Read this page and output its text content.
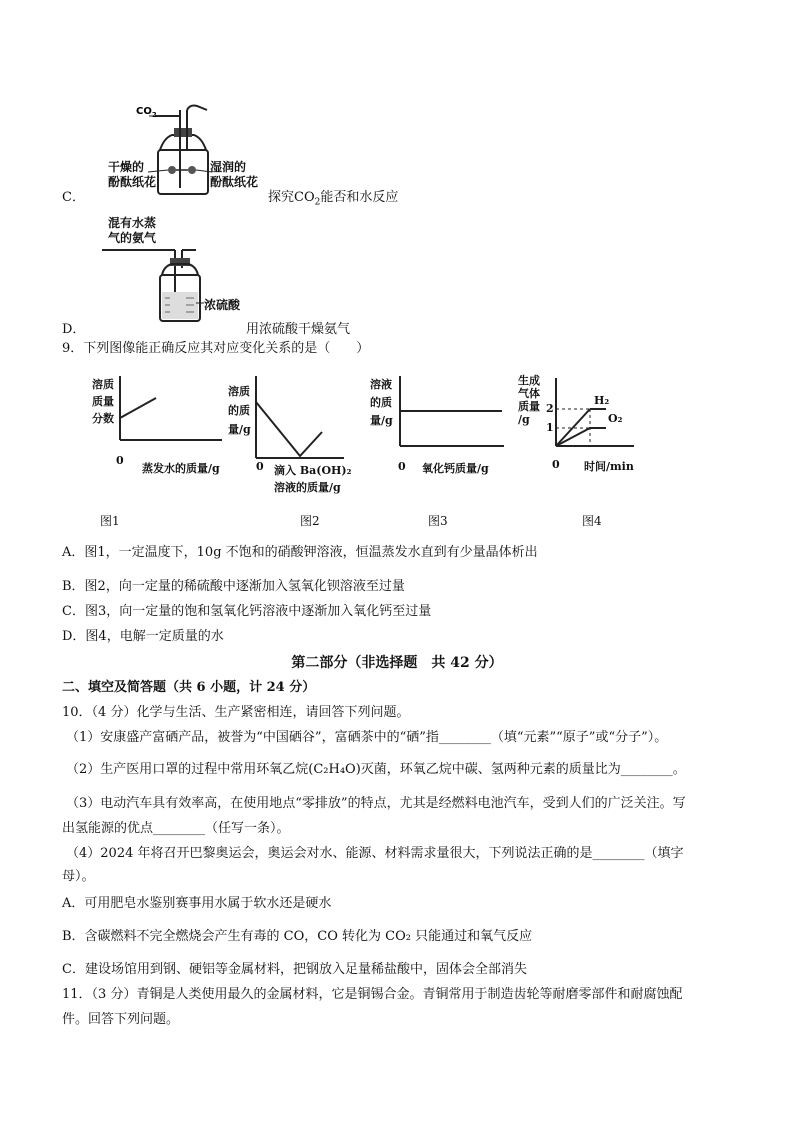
$CO_2$
干燥的
酚酞纸花
湿润的
酚酞纸花
C．	探究$CO_2$能否和水反应
混有水蒸
气的氨气
浓硫酸
D．	用浓硫酸干燥氨气
9．下列图像能正确反应其对应变化关系的是（　　）
溶质
质量
分数
0
蒸发水的质量/g
溶质
的质
量/g
0 滴入 Ba(OH)₂
溶液的质量/g
溶液
的质
量/g
0 氧化钙质量/g
生成
气体
质量
/g
2
1
H₂
O₂
0 时间/min
图1	图2	图3	图4
A．图1，一定温度下，10g 不饱和的硝酸钾溶液，恒温蒸发水直到有少量晶体析出
B．图2，向一定量的稀硫酸中逐渐加入氢氧化钡溶液至过量
C．图3，向一定量的饱和氢氧化钙溶液中逐渐加入氧化钙至过量
D．图4，电解一定质量的水
第二部分（非选择题　共 42 分）
二、填空及简答题（共 6 小题，计 24 分）
10．（4 分）化学与生活、生产紧密相连，请回答下列问题。
（1）安康盛产富硒产品，被誉为“中国硒谷”，富硒茶中的“硒”指________（填“元素”“原子”或“分子”）。
（2）生产医用口罩的过程中常用环氧乙烷(C₂H₄O)灭菌，环氧乙烷中碳、氢两种元素的质量比为________。
（3）电动汽车具有效率高，在使用地点“零排放”的特点，尤其是经燃料电池汽车，受到人们的广泛关注。写
出氢能源的优点________（任写一条）。
（4）2024 年将召开巴黎奥运会，奥运会对水、能源、材料需求量很大，下列说法正确的是________（填字
母）。
A．可用肥皂水鉴别赛事用水属于软水还是硬水
B．含碳燃料不完全燃烧会产生有毒的 CO，CO 转化为 CO₂ 只能通过和氧气反应
C．建设场馆用到钢、硬铝等金属材料，把钢放入足量稀盐酸中，固体会全部消失
11．（3 分）青铜是人类使用最久的金属材料，它是铜锡合金。青铜常用于制造齿轮等耐磨零部件和耐腐蚀配
件。回答下列问题。
